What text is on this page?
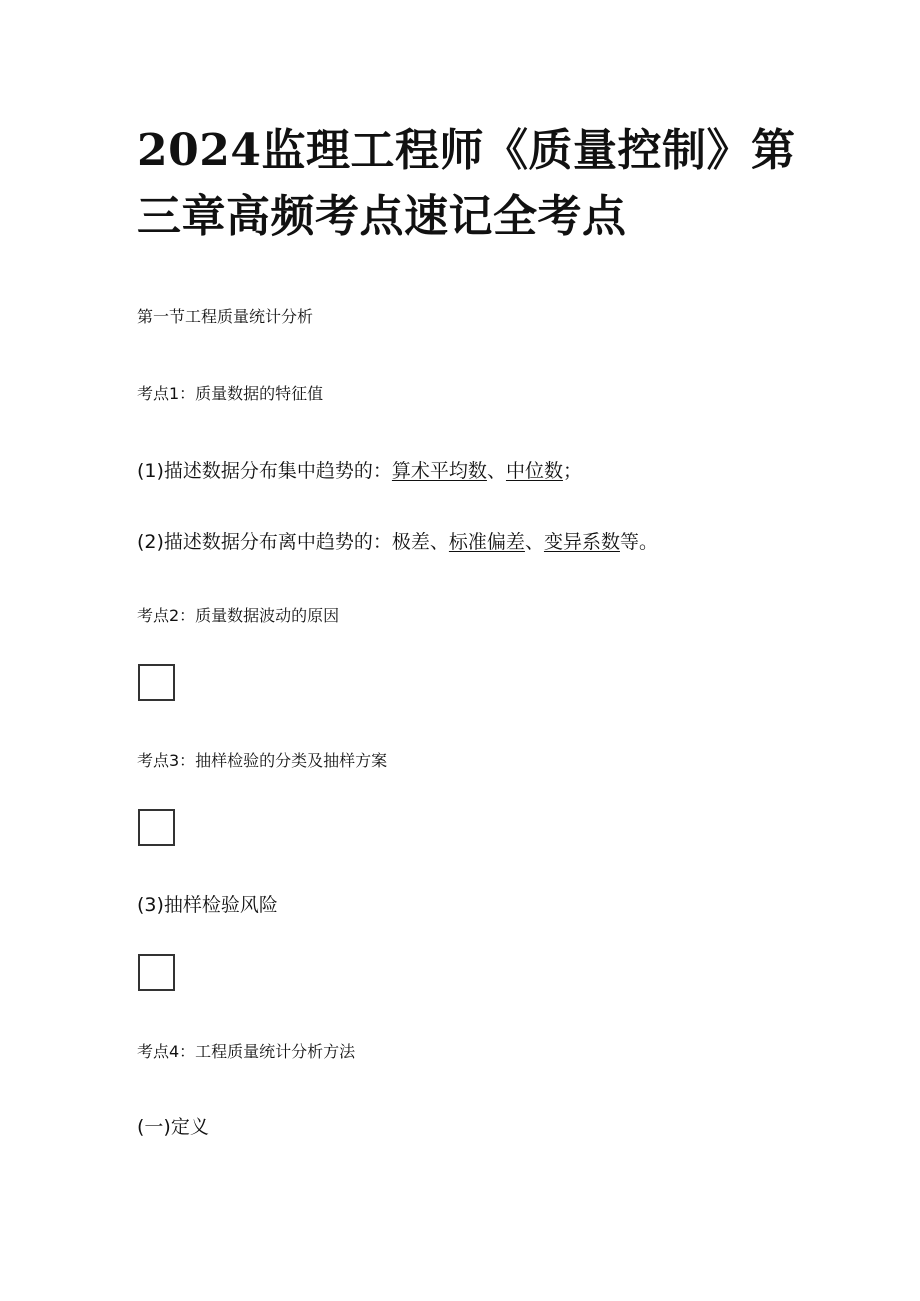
2024监理工程师《质量控制》第三章高频考点速记全考点

第一节工程质量统计分析

考点1：质量数据的特征值

(1)描述数据分布集中趋势的：算术平均数、中位数；

(2)描述数据分布离中趋势的：极差、标准偏差、变异系数等。

考点2：质量数据波动的原因

考点3：抽样检验的分类及抽样方案

(3)抽样检验风险

考点4：工程质量统计分析方法

(一)定义
